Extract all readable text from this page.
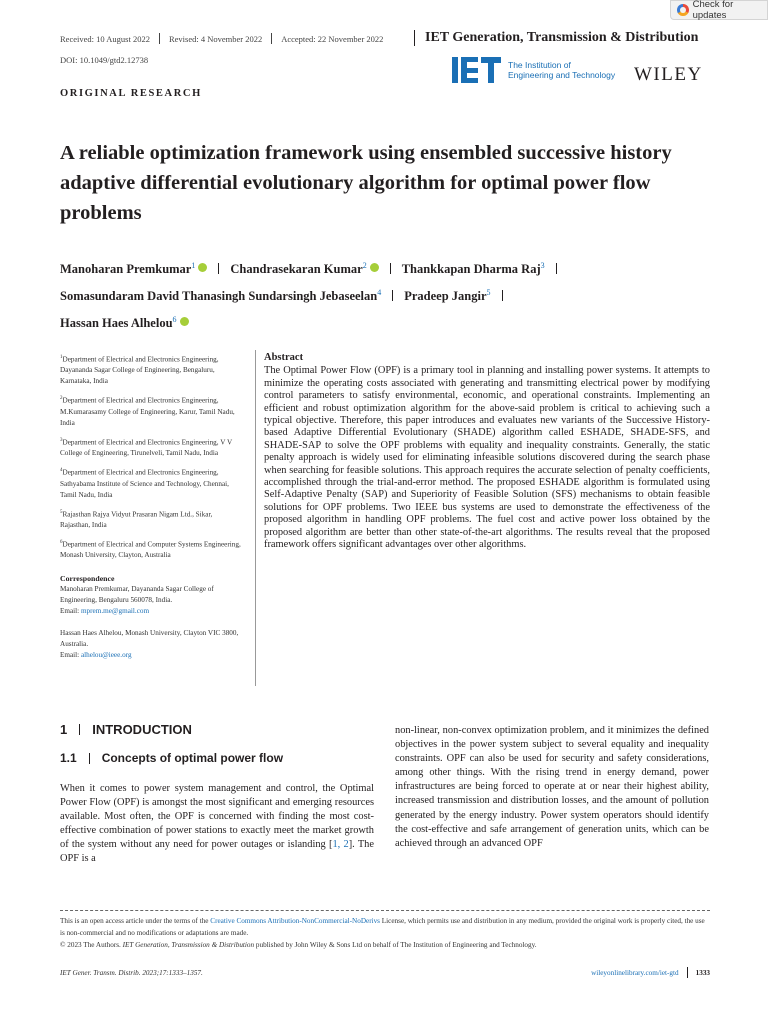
Check for updates
Received: 10 August 2022 Revised: 4 November 2022 Accepted: 22 November 2022	IET Generation, Transmission & Distribution
DOI: 10.1049/gtd2.12738	The Institution of
Engineering and Technology WILEY
ORIGINAL RESEARCH
A reliable optimization framework using ensembled successive history adaptive differential evolutionary algorithm for optimal power flow problems
Manoharan Premkumar$^1$	Chandrasekaran Kumar$^2$	Thankkapan Dharma Raj$^3$
Somasundaram David Thanasingh Sundarsingh Jebaseelan$^4$ Pradeep Jangir$^5$
Hassan Haes Alhelou$^6$
$^1$Department of Electrical and Electronics Engineering, Dayananda Sagar College of Engineering, Bengaluru, Karnataka, India
$^2$Department of Electrical and Electronics Engineering, M.Kumarasamy College of Engineering, Karur, Tamil Nadu, India
$^3$Department of Electrical and Electronics Engineering, V V College of Engineering, Tirunelveli, Tamil Nadu, India
$^4$Department of Electrical and Electronics Engineering, Sathyabama Institute of Science and Technology, Chennai, Tamil Nadu, India
$^5$Rajasthan Rajya Vidyut Prasaran Nigam Ltd., Sikar, Rajasthan, India
$^6$Department of Electrical and Computer Systems Engineering, Monash University, Clayton, Australia
Correspondence
Manoharan Premkumar, Dayananda Sagar College of Engineering, Bengaluru 560078, India.
Email: mprem.me@gmail.com
Hassan Haes Alhelou, Monash University, Clayton VIC 3800, Australia.
Email: alhelou@ieee.org
Abstract
The Optimal Power Flow (OPF) is a primary tool in planning and installing power systems. It attempts to minimize the operating costs associated with generating and transmitting electrical power by modifying control parameters to satisfy environmental, economic, and operational constraints. Implementing an efficient and robust optimization algorithm for the above-said problem is critical to achieving such a typical objective. Therefore, this paper introduces and evaluates new variants of the Successive History-based Adaptive Differential Evolutionary (SHADE) algorithm called ESHADE, SHADE-SFS, and SHADE-SAP to solve the OPF problems with equality and inequality constraints. Generally, the static penalty approach is widely used for eliminating infeasible solutions discovered during the search phase when searching for feasible solutions. This approach requires the accurate selection of penalty coefficients, accomplished through the trial-and-error method. The proposed ESHADE algorithm is formulated using Self-Adaptive Penalty (SAP) and Superiority of Feasible Solution (SFS) mechanisms to obtain feasible solutions for OPF problems. Two IEEE bus systems are used to demonstrate the effectiveness of the proposed algorithm in handling OPF problems. The fuel cost and active power loss obtained by the proposed algorithm are better than other state-of-the-art algorithms. The results reveal that the proposed framework offers significant advantages over other algorithms.
1 INTRODUCTION
1.1 Concepts of optimal power flow
When it comes to power system management and control, the Optimal Power Flow (OPF) is amongst the most significant and emerging resources available. Most often, the OPF is concerned with finding the most cost-effective combination of power stations to exactly meet the market growth of the system without any need for power outages or islanding [1, 2]. The OPF is a
non-linear, non-convex optimization problem, and it minimizes the defined objectives in the power system subject to several equality and inequality constraints. OPF can also be used for security and safety considerations, among other things. With the rising trend in energy demand, power infrastructures are being forced to operate at or near their highest ability, increased transmission and distribution losses, and the amount of pollution generated by the energy industry. Power system operators should identify the cost-effective and safe arrangement of generation units, which can be achieved through an advanced OPF
This is an open access article under the terms of the Creative Commons Attribution-NonCommercial-NoDerivs License, which permits use and distribution in any medium, provided the original work is properly cited, the use is non-commercial and no modifications or adaptations are made.
© 2023 The Authors. IET Generation, Transmission & Distribution published by John Wiley & Sons Ltd on behalf of The Institution of Engineering and Technology.
IET Gener. Transm. Distrib. 2023;17:1333–1357.	wileyonlinelibrary.com/iet-gtd 1333
